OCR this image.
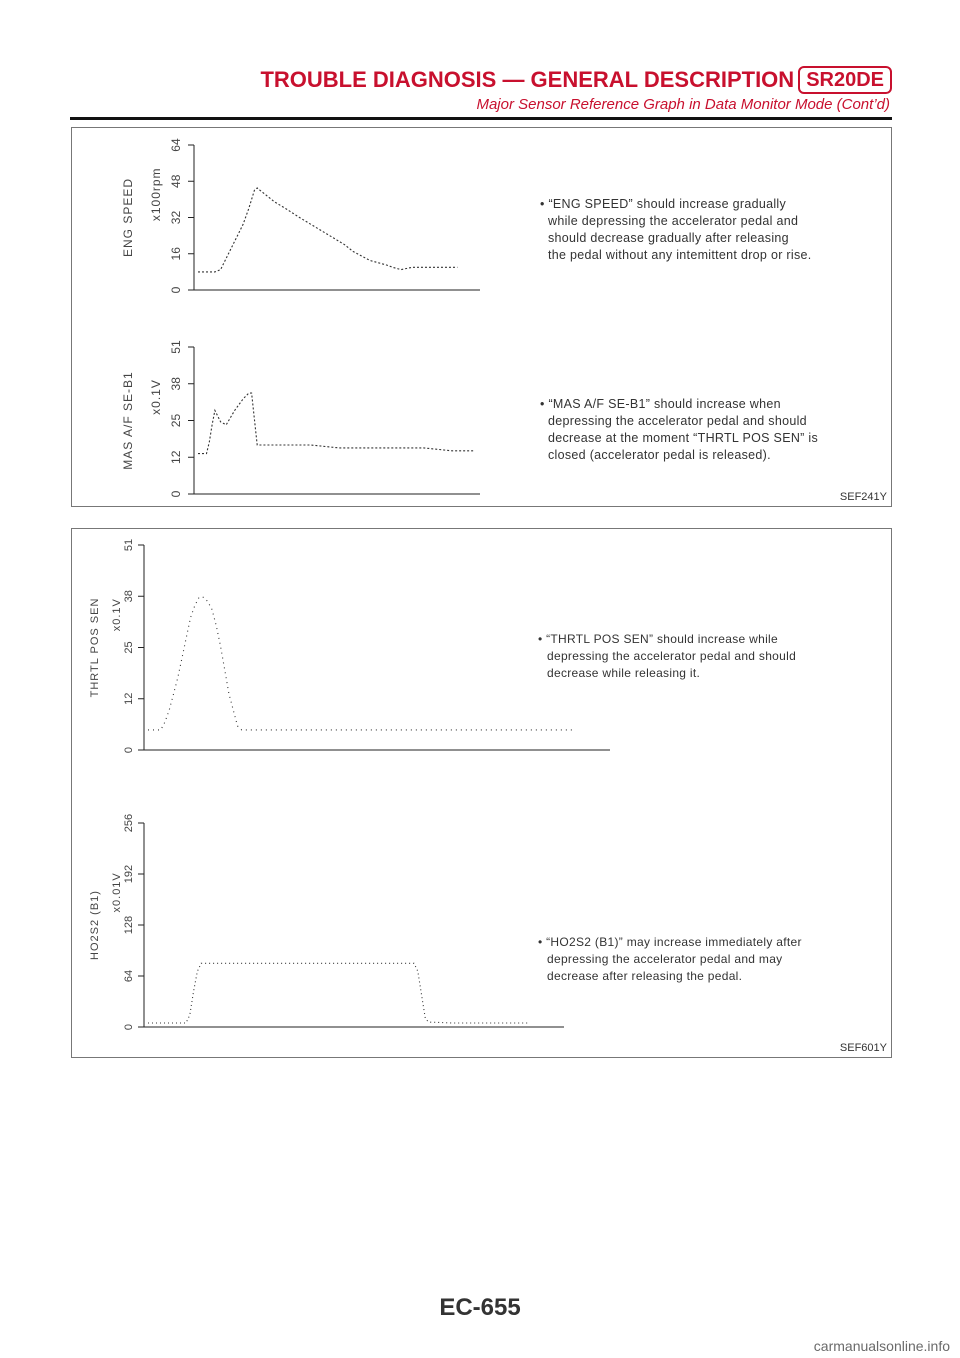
TROUBLE DIAGNOSIS — GENERAL DESCRIPTION SR20DE
Major Sensor Reference Graph in Data Monitor Mode (Cont’d)
0
16
32
48
64
ENG SPEED x100rpm
0
12
25
38
51
MAS A/F SE-B1 x0.1V
• “ENG SPEED” should increase gradually
while depressing the accelerator pedal and
should decrease gradually after releasing
the pedal without any intemittent drop or rise.
• “MAS A/F SE-B1” should increase when
depressing the accelerator pedal and should
decrease at the moment “THRTL POS SEN” is
closed (accelerator pedal is released).
SEF241Y
0
12
25
38
51
THRTL POS SEN x0.1V
0
64
128
192
256
HO2S2 (B1) x0.01V
• “THRTL POS SEN” should increase while
depressing the accelerator pedal and should
decrease while releasing it.
• “HO2S2 (B1)” may increase immediately after
depressing the accelerator pedal and may
decrease after releasing the pedal.
SEF601Y
EC-655
carmanualsonline.info
